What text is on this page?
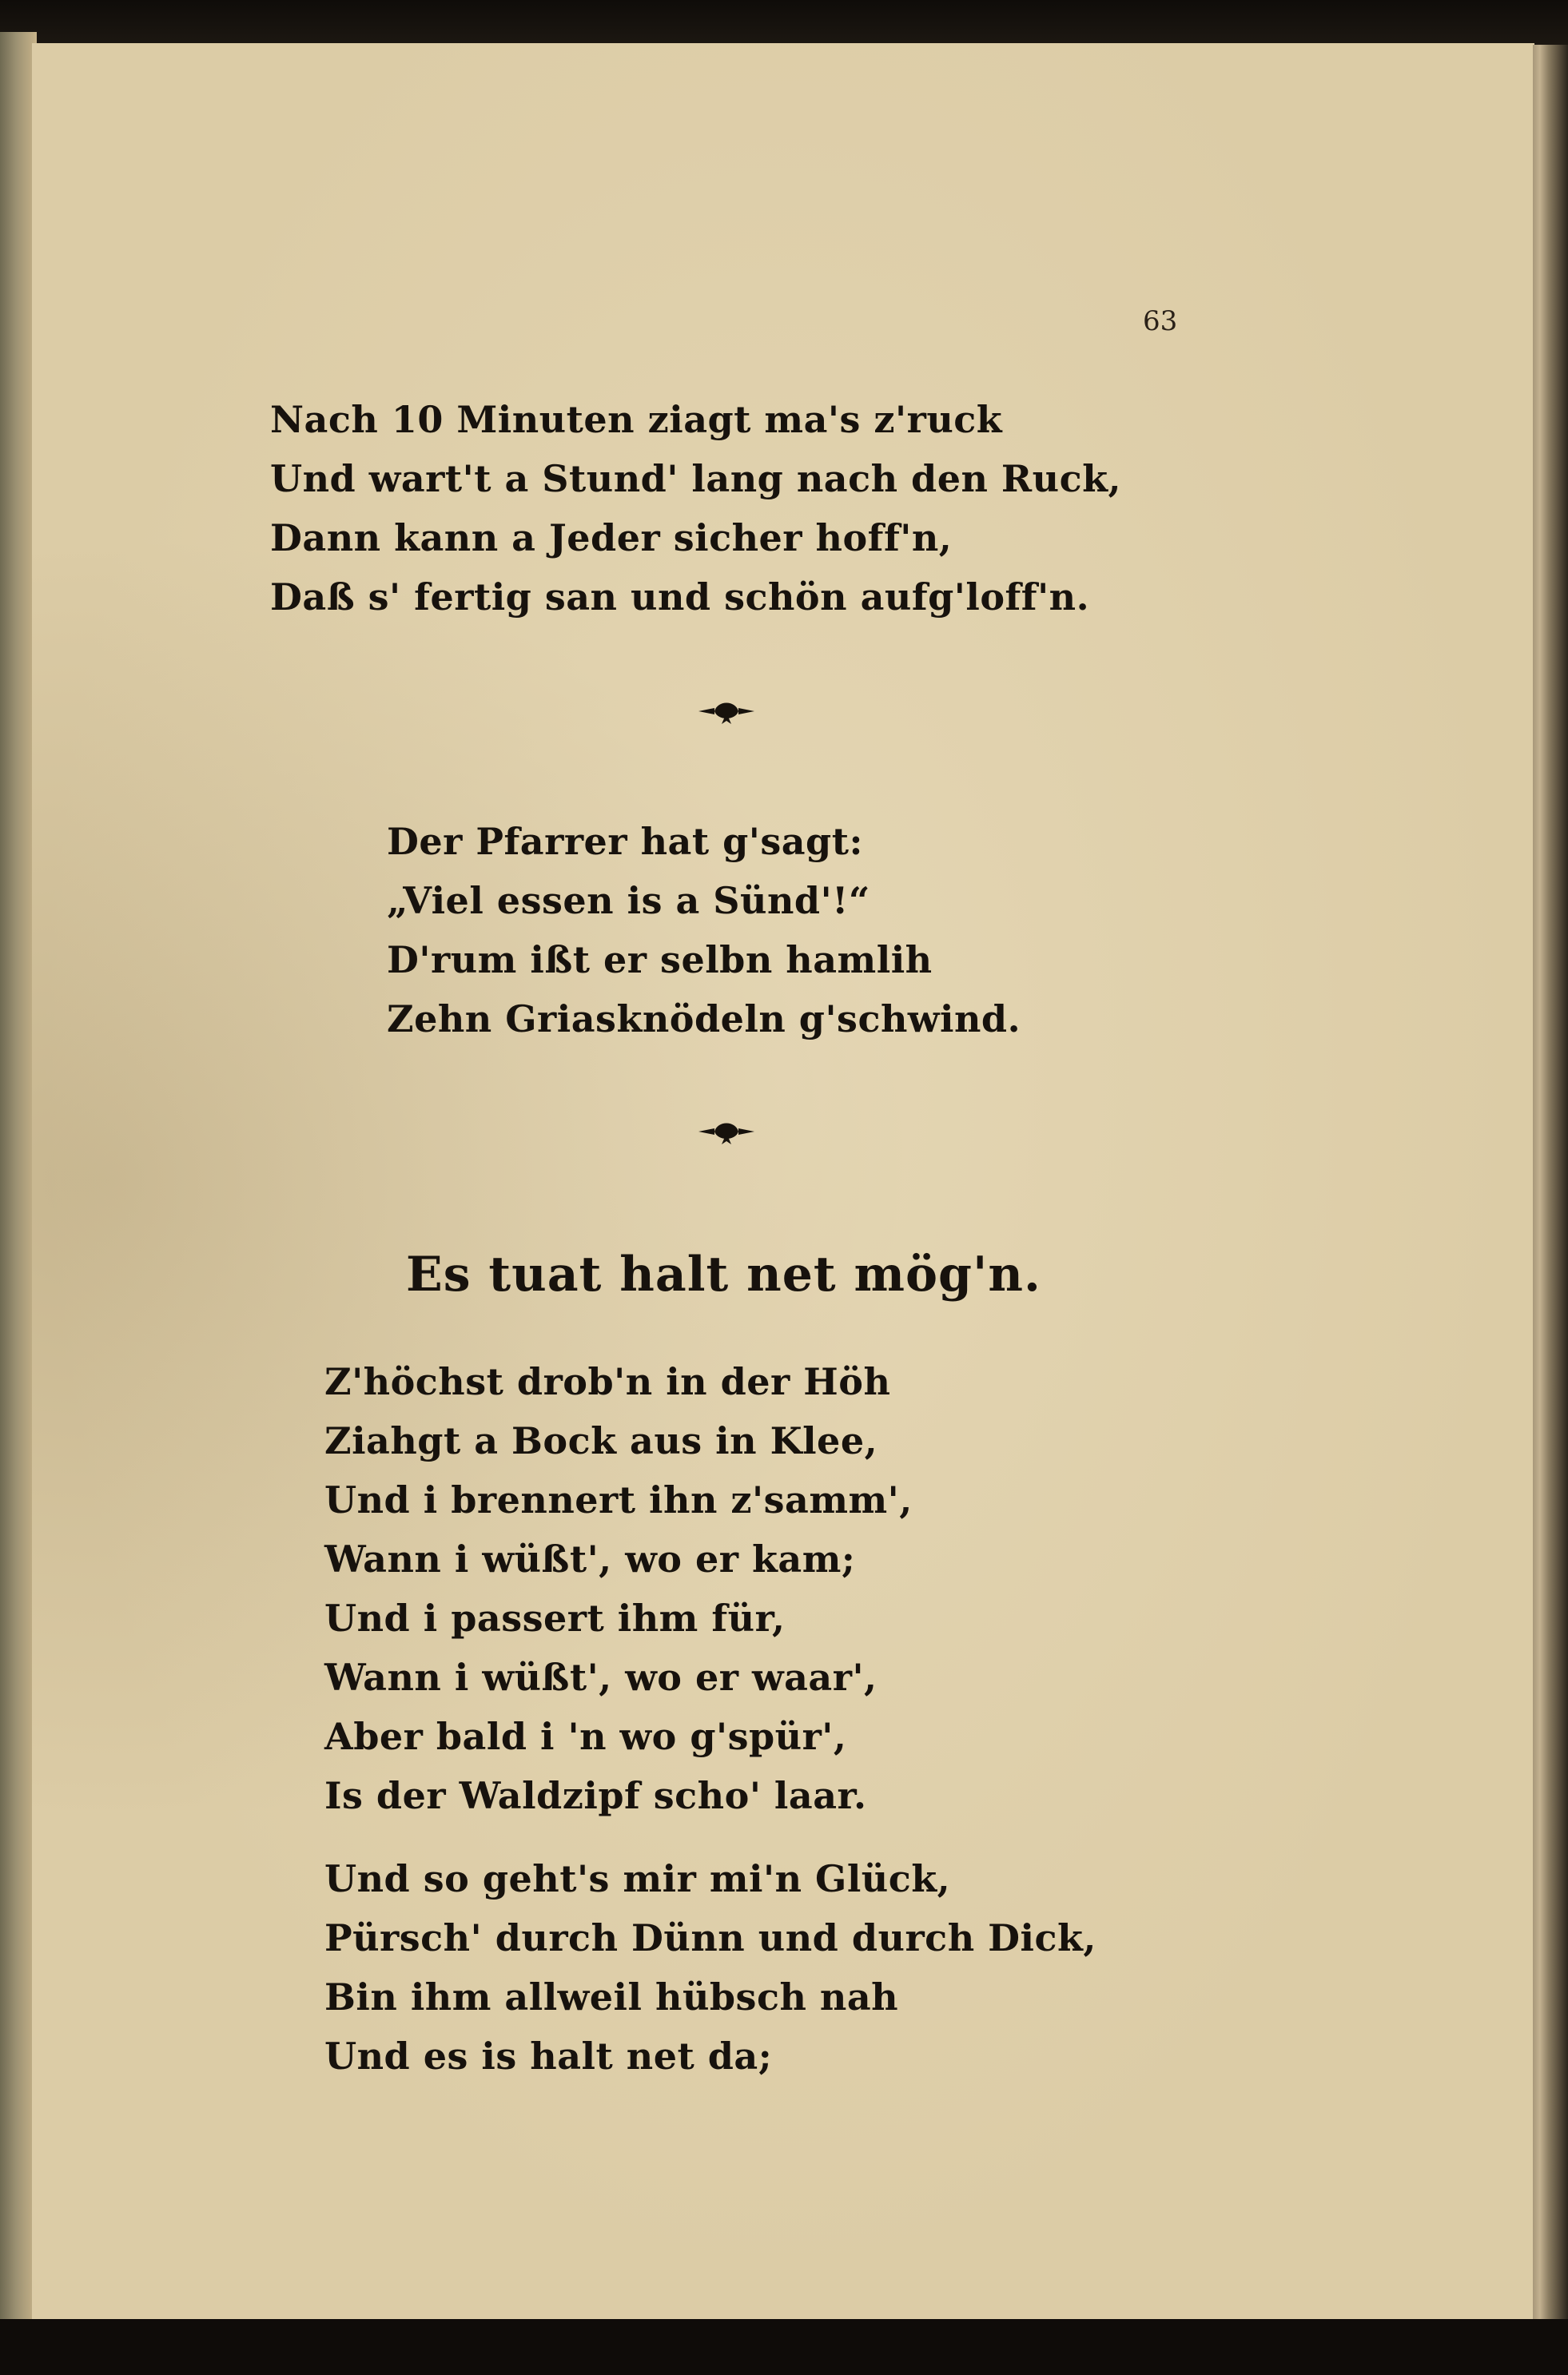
63
Nach 10 Minuten ziagt ma's z'ruck
Und wart't a Stund' lang nach den Ruck,
Dann kann a Jeder sicher hoff'n,
Daß s' fertig san und schön aufg'loff'n.
Der Pfarrer hat g'sagt:
„Viel essen is a Sünd'!“
D'rum ißt er selbn hamlih
Zehn Griasknödeln g'schwind.
Es tuat halt net mög'n.
Z'höchst drob'n in der Höh
Ziahgt a Bock aus in Klee,
Und i brennert ihn z'samm',
Wann i wüßt', wo er kam;
Und i passert ihm für,
Wann i wüßt', wo er waar',
Aber bald i 'n wo g'spür',
Is der Waldzipf scho' laar.
Und so geht's mir mi'n Glück,
Pürsch' durch Dünn und durch Dick,
Bin ihm allweil hübsch nah
Und es is halt net da;
